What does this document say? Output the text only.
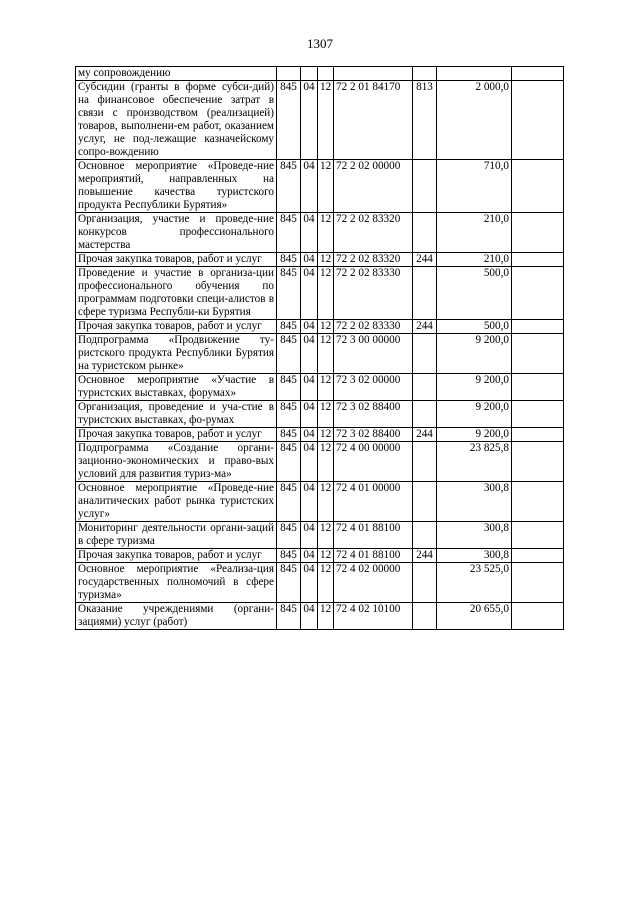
1307
му сопровождению							
Субсидии (гранты в форме субси-дий) на финансовое обеспечение затрат в связи с производством (реализацией) товаров, выполнени-ем работ, оказанием услуг, не под-лежащие казначейскому сопро-вождению	845	04	12	72 2 01 84170	813	2 000,0	
Основное мероприятие «Проведе-ние мероприятий, направленных на повышение качества туристского продукта Республики Бурятия»	845	04	12	72 2 02 00000		710,0	
Организация, участие и проведе-ние конкурсов профессионального мастерства	845	04	12	72 2 02 83320		210,0	
Прочая закупка товаров, работ и услуг	845	04	12	72 2 02 83320	244	210,0	
Проведение и участие в организа-ции профессионального обучения по программам подготовки специ-алистов в сфере туризма Республи-ки Бурятия	845	04	12	72 2 02 83330		500,0	
Прочая закупка товаров, работ и услуг	845	04	12	72 2 02 83330	244	500,0	
Подпрограмма «Продвижение ту-ристского продукта Республики Бурятия на туристском рынке»	845	04	12	72 3 00 00000		9 200,0	
Основное мероприятие «Участие в туристских выставках, форумах»	845	04	12	72 3 02 00000		9 200,0	
Организация, проведение и уча-стие в туристских выставках, фо-румах	845	04	12	72 3 02 88400		9 200,0	
Прочая закупка товаров, работ и услуг	845	04	12	72 3 02 88400	244	9 200,0	
Подпрограмма «Создание органи-зационно-экономических и право-вых условий для развития туриз-ма»	845	04	12	72 4 00 00000		23 825,8	
Основное мероприятие «Проведе-ние аналитических работ рынка туристских услуг»	845	04	12	72 4 01 00000		300,8	
Мониторинг деятельности органи-заций в сфере туризма	845	04	12	72 4 01 88100		300,8	
Прочая закупка товаров, работ и услуг	845	04	12	72 4 01 88100	244	300,8	
Основное мероприятие «Реализа-ция государственных полномочий в сфере туризма»	845	04	12	72 4 02 00000		23 525,0	
Оказание учреждениями (органи-зациями) услуг (работ)	845	04	12	72 4 02 10100		20 655,0	
